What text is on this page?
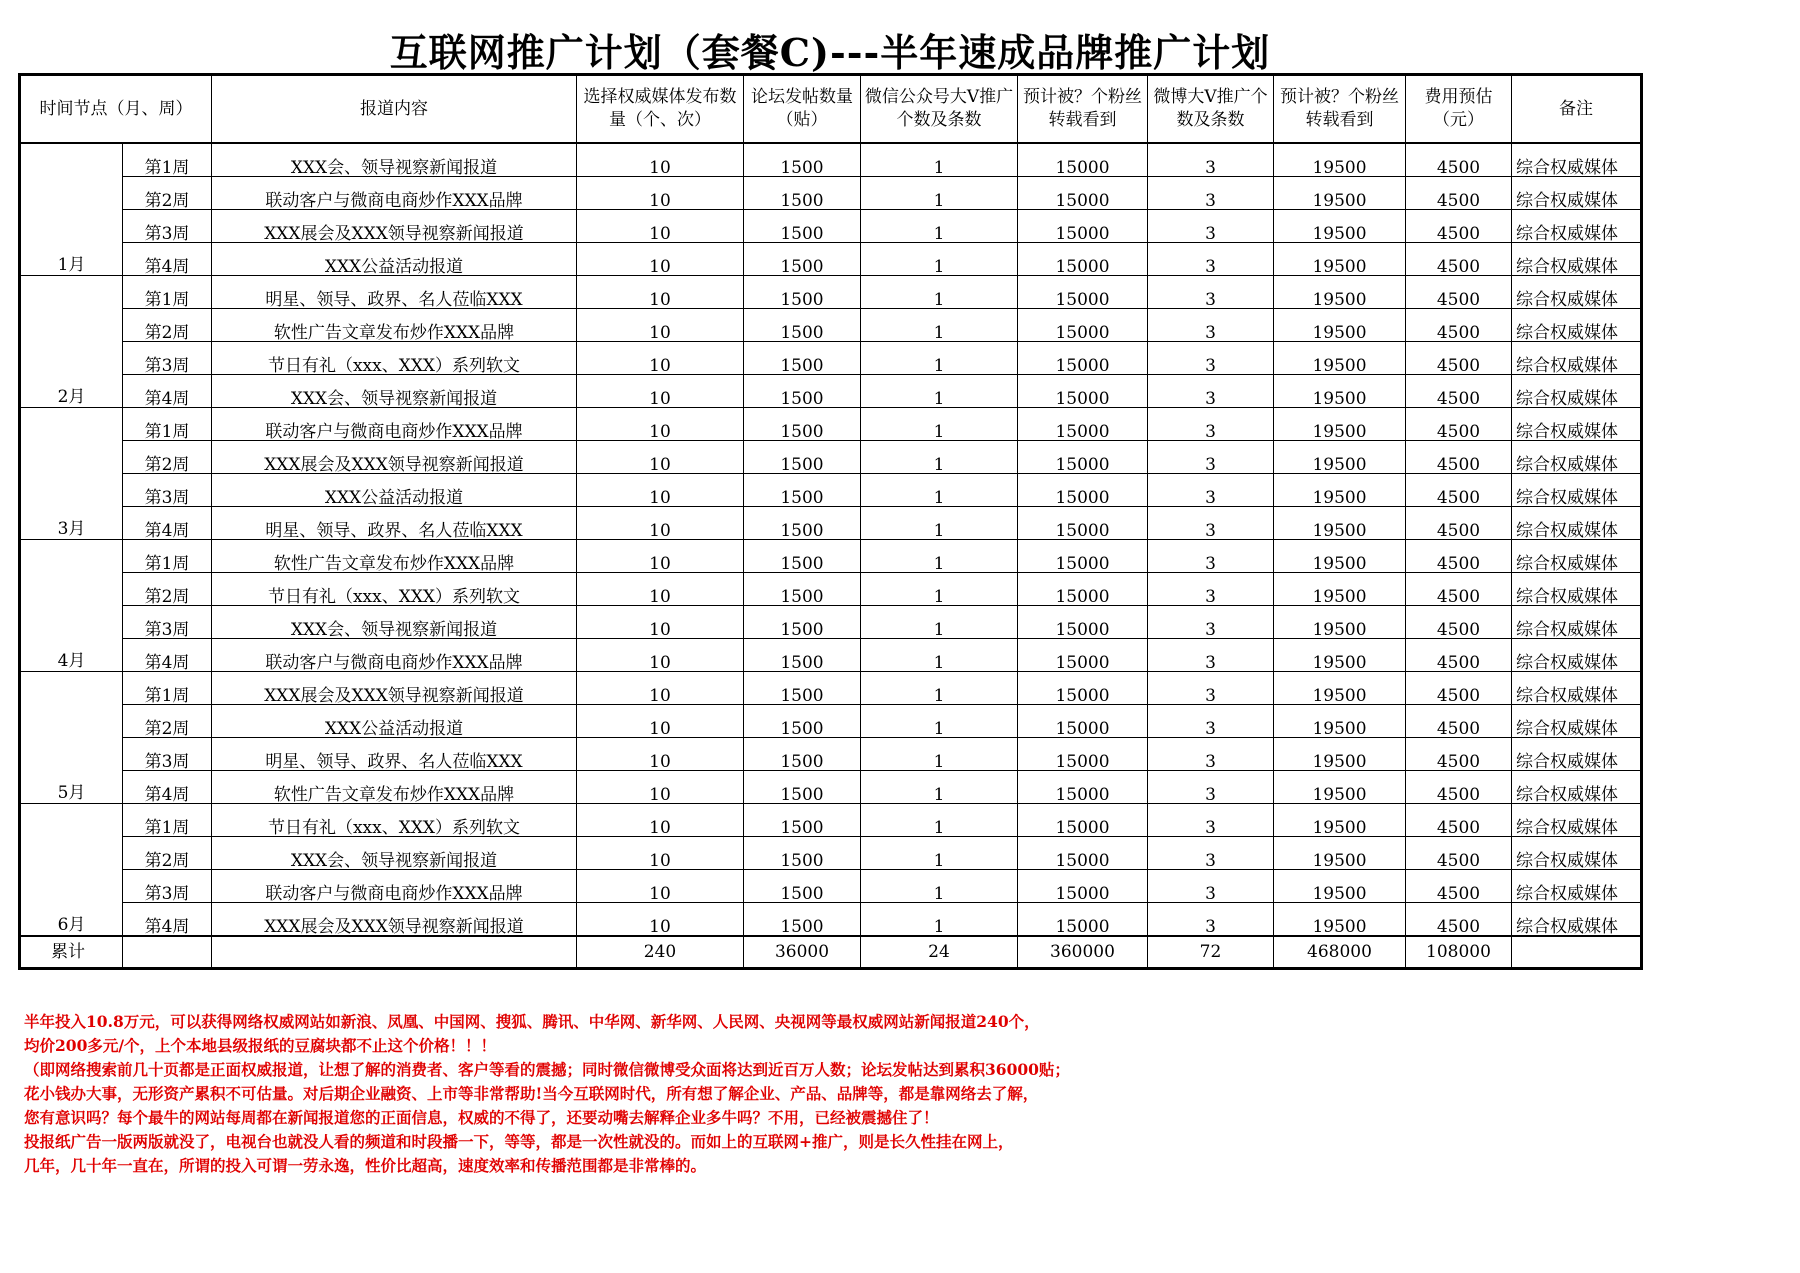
互联网推广计划（套餐C)---半年速成品牌推广计划
时间节点（月、周）		报道内容	选择权威媒体发布数量（个、次）	论坛发帖数量（贴）	微信公众号大V推广个数及条数	预计被？个粉丝转载看到	微博大V推广个数及条数	预计被？个粉丝转载看到	费用预估（元）	备注
1月	第1周	XXX会、领导视察新闻报道	10	1500	1	15000	3	19500	4500	综合权威媒体
	第2周	联动客户与微商电商炒作XXX品牌	10	1500	1	15000	3	19500	4500	综合权威媒体
	第3周	XXX展会及XXX领导视察新闻报道	10	1500	1	15000	3	19500	4500	综合权威媒体
	第4周	XXX公益活动报道	10	1500	1	15000	3	19500	4500	综合权威媒体
2月	第1周	明星、领导、政界、名人莅临XXX	10	1500	1	15000	3	19500	4500	综合权威媒体
	第2周	软性广告文章发布炒作XXX品牌	10	1500	1	15000	3	19500	4500	综合权威媒体
	第3周	节日有礼（xxx、XXX）系列软文	10	1500	1	15000	3	19500	4500	综合权威媒体
	第4周	XXX会、领导视察新闻报道	10	1500	1	15000	3	19500	4500	综合权威媒体
3月	第1周	联动客户与微商电商炒作XXX品牌	10	1500	1	15000	3	19500	4500	综合权威媒体
	第2周	XXX展会及XXX领导视察新闻报道	10	1500	1	15000	3	19500	4500	综合权威媒体
	第3周	XXX公益活动报道	10	1500	1	15000	3	19500	4500	综合权威媒体
	第4周	明星、领导、政界、名人莅临XXX	10	1500	1	15000	3	19500	4500	综合权威媒体
4月	第1周	软性广告文章发布炒作XXX品牌	10	1500	1	15000	3	19500	4500	综合权威媒体
	第2周	节日有礼（xxx、XXX）系列软文	10	1500	1	15000	3	19500	4500	综合权威媒体
	第3周	XXX会、领导视察新闻报道	10	1500	1	15000	3	19500	4500	综合权威媒体
	第4周	联动客户与微商电商炒作XXX品牌	10	1500	1	15000	3	19500	4500	综合权威媒体
5月	第1周	XXX展会及XXX领导视察新闻报道	10	1500	1	15000	3	19500	4500	综合权威媒体
	第2周	XXX公益活动报道	10	1500	1	15000	3	19500	4500	综合权威媒体
	第3周	明星、领导、政界、名人莅临XXX	10	1500	1	15000	3	19500	4500	综合权威媒体
	第4周	软性广告文章发布炒作XXX品牌	10	1500	1	15000	3	19500	4500	综合权威媒体
6月	第1周	节日有礼（xxx、XXX）系列软文	10	1500	1	15000	3	19500	4500	综合权威媒体
	第2周	XXX会、领导视察新闻报道	10	1500	1	15000	3	19500	4500	综合权威媒体
	第3周	联动客户与微商电商炒作XXX品牌	10	1500	1	15000	3	19500	4500	综合权威媒体
	第4周	XXX展会及XXX领导视察新闻报道	10	1500	1	15000	3	19500	4500	综合权威媒体
累计			240	36000	24	360000	72	468000	108000	
半年投入10.8万元，可以获得网络权威网站如新浪、凤凰、中国网、搜狐、腾讯、中华网、新华网、人民网、央视网等最权威网站新闻报道240个，
均价200多元/个，上个本地县级报纸的豆腐块都不止这个价格！！！
（即网络搜索前几十页都是正面权威报道，让想了解的消费者、客户等看的震撼；同时微信微博受众面将达到近百万人数；论坛发帖达到累积36000贴；
花小钱办大事，无形资产累积不可估量。对后期企业融资、上市等非常帮助!当今互联网时代，所有想了解企业、产品、品牌等，都是靠网络去了解，
您有意识吗？每个最牛的网站每周都在新闻报道您的正面信息，权威的不得了，还要动嘴去解释企业多牛吗？不用，已经被震撼住了！
投报纸广告一版两版就没了，电视台也就没人看的频道和时段播一下，等等，都是一次性就没的。而如上的互联网+推广，则是长久性挂在网上，
几年，几十年一直在，所谓的投入可谓一劳永逸，性价比超高，速度效率和传播范围都是非常棒的。
